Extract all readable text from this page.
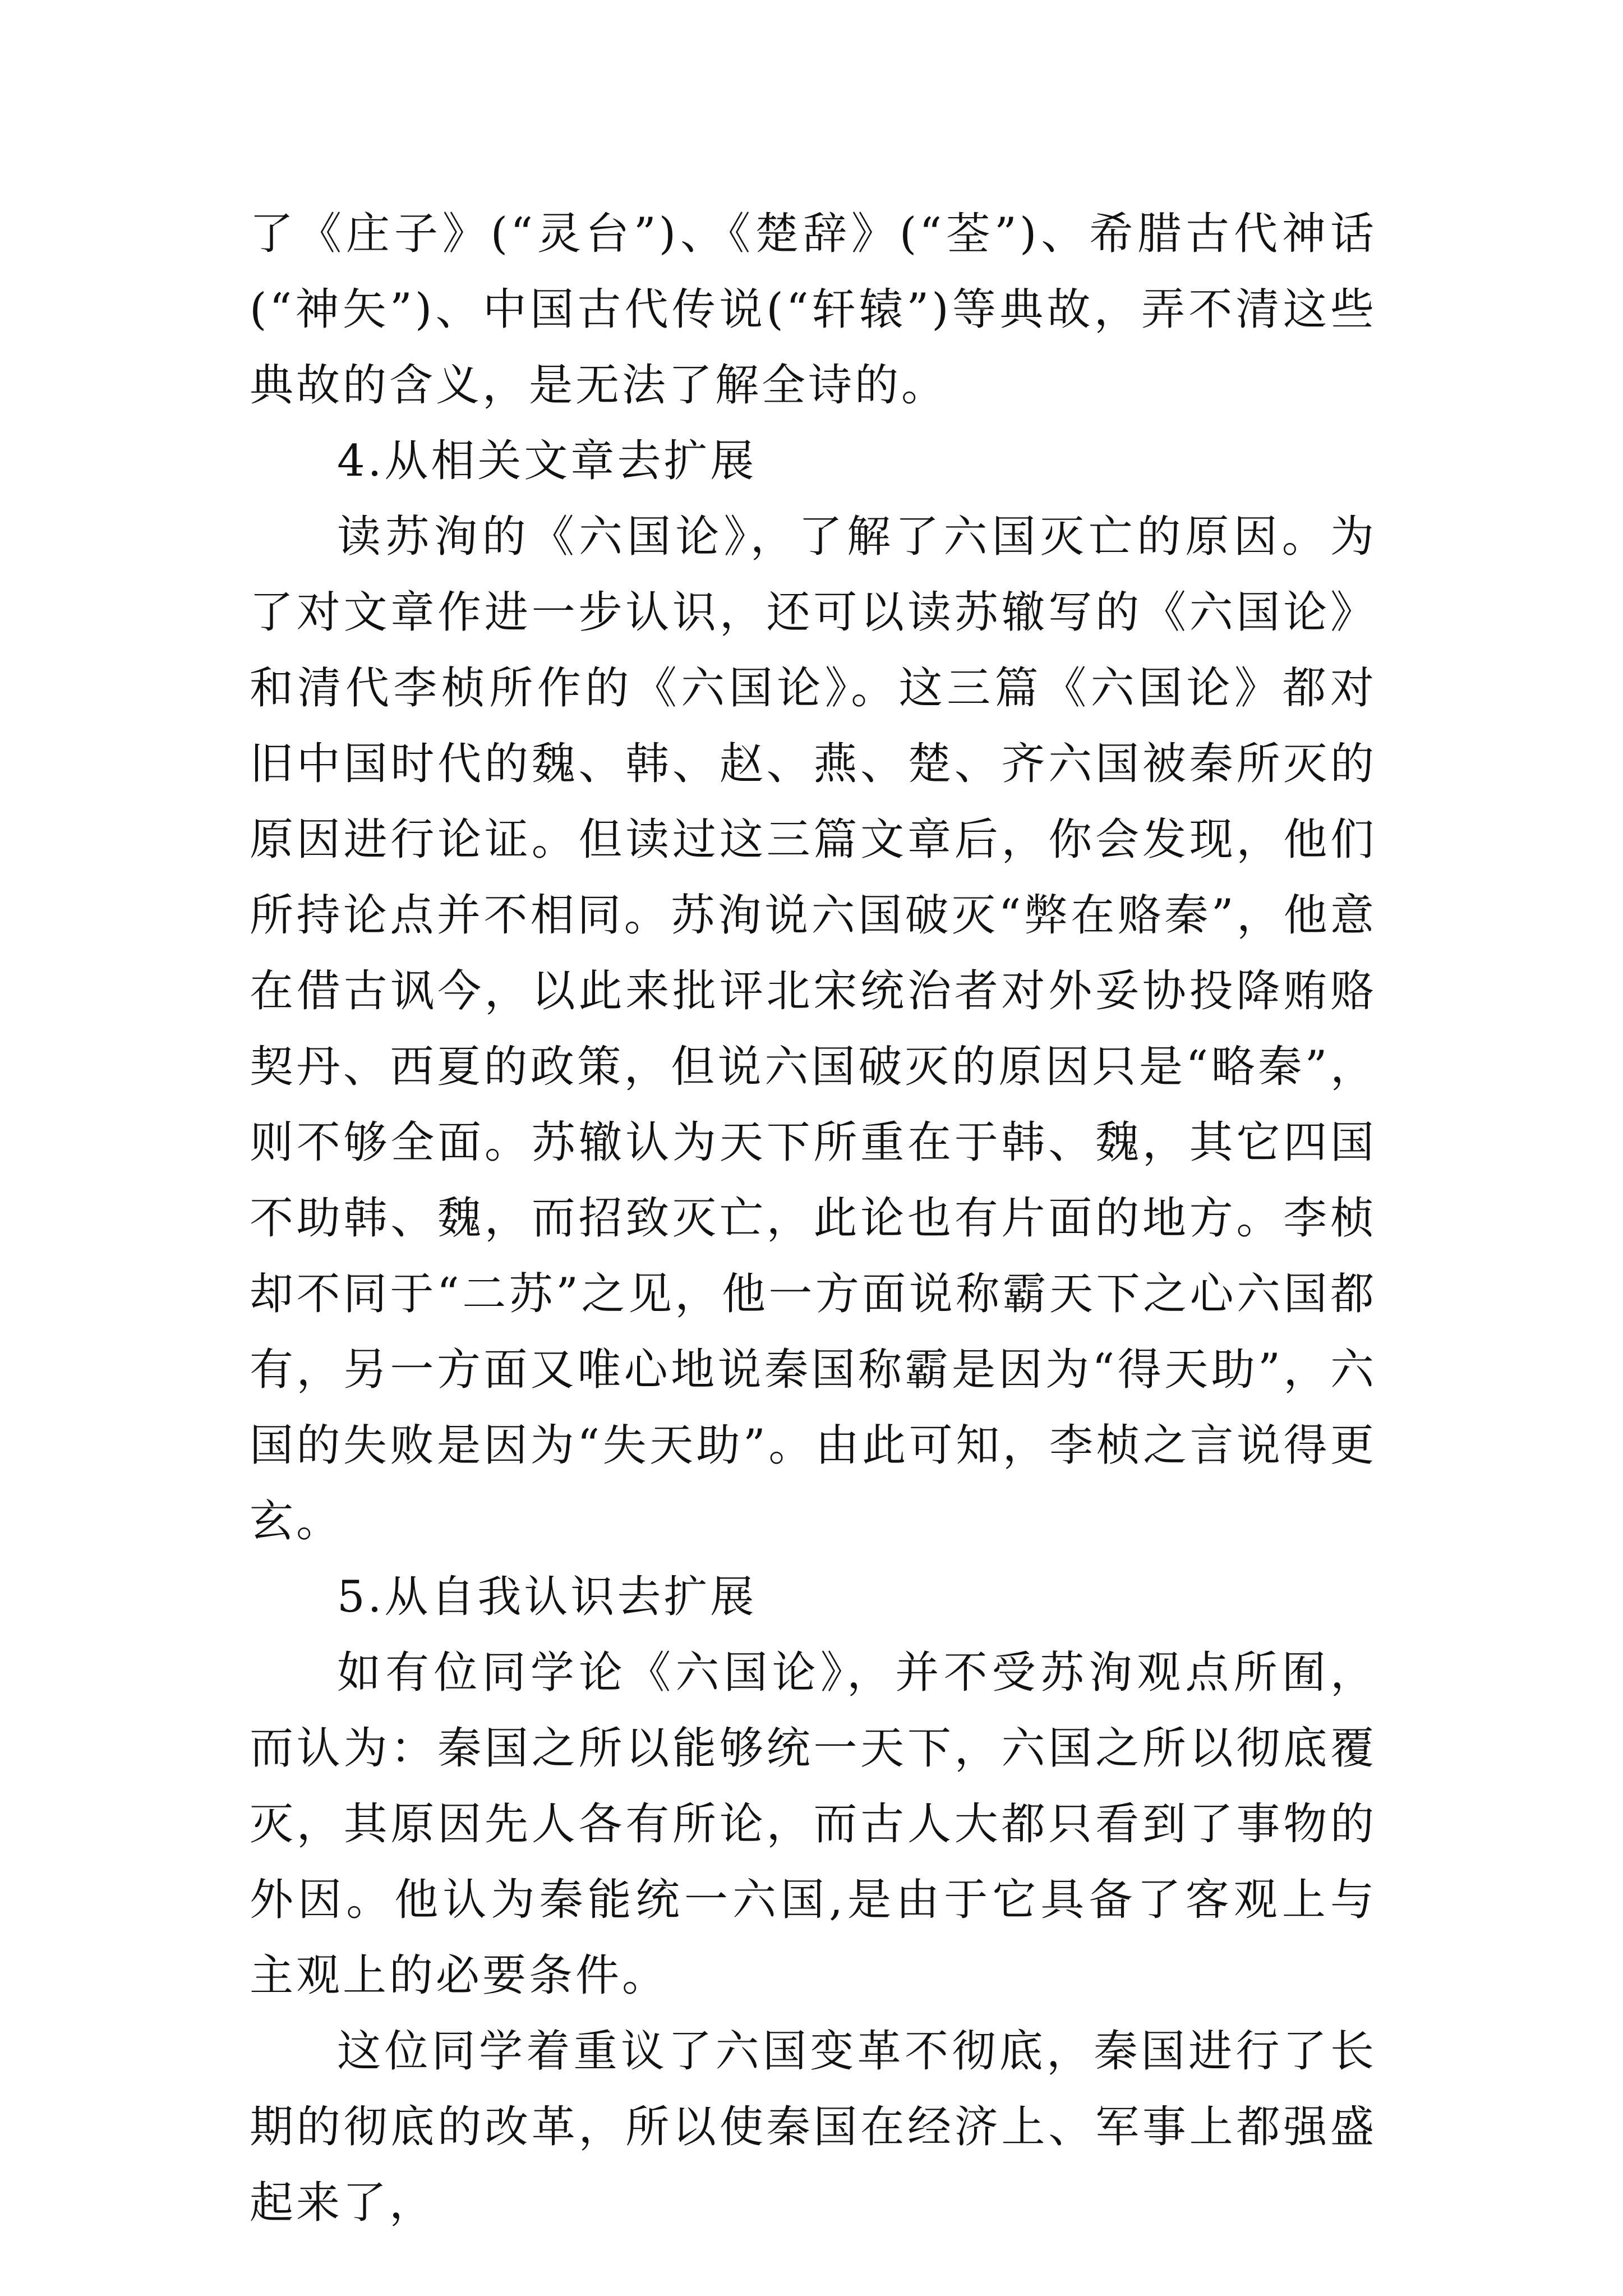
了《庄子》(“灵台”)、《楚辞》(“荃”)、希腊古代神话(“神矢”)、中国古代传说(“轩辕”)等典故，弄不清这些典故的含义，是无法了解全诗的。

4.从相关文章去扩展

读苏洵的《六国论》，了解了六国灭亡的原因。为了对文章作进一步认识，还可以读苏辙写的《六国论》和清代李桢所作的《六国论》。这三篇《六国论》都对旧中国时代的魏、韩、赵、燕、楚、齐六国被秦所灭的原因进行论证。但读过这三篇文章后，你会发现，他们所持论点并不相同。苏洵说六国破灭“弊在赂秦”，他意在借古讽今，以此来批评北宋统治者对外妥协投降贿赂契丹、西夏的政策，但说六国破灭的原因只是“略秦”，则不够全面。苏辙认为天下所重在于韩、魏，其它四国不助韩、魏，而招致灭亡，此论也有片面的地方。李桢却不同于“二苏”之见，他一方面说称霸天下之心六国都有，另一方面又唯心地说秦国称霸是因为“得天助”，六国的失败是因为“失天助”。由此可知，李桢之言说得更玄。

5.从自我认识去扩展

如有位同学论《六国论》，并不受苏洵观点所囿，而认为：秦国之所以能够统一天下，六国之所以彻底覆灭，其原因先人各有所论，而古人大都只看到了事物的外因。他认为秦能统一六国,是由于它具备了客观上与主观上的必要条件。

这位同学着重议了六国变革不彻底，秦国进行了长期的彻底的改革，所以使秦国在经济上、军事上都强盛起来了，
